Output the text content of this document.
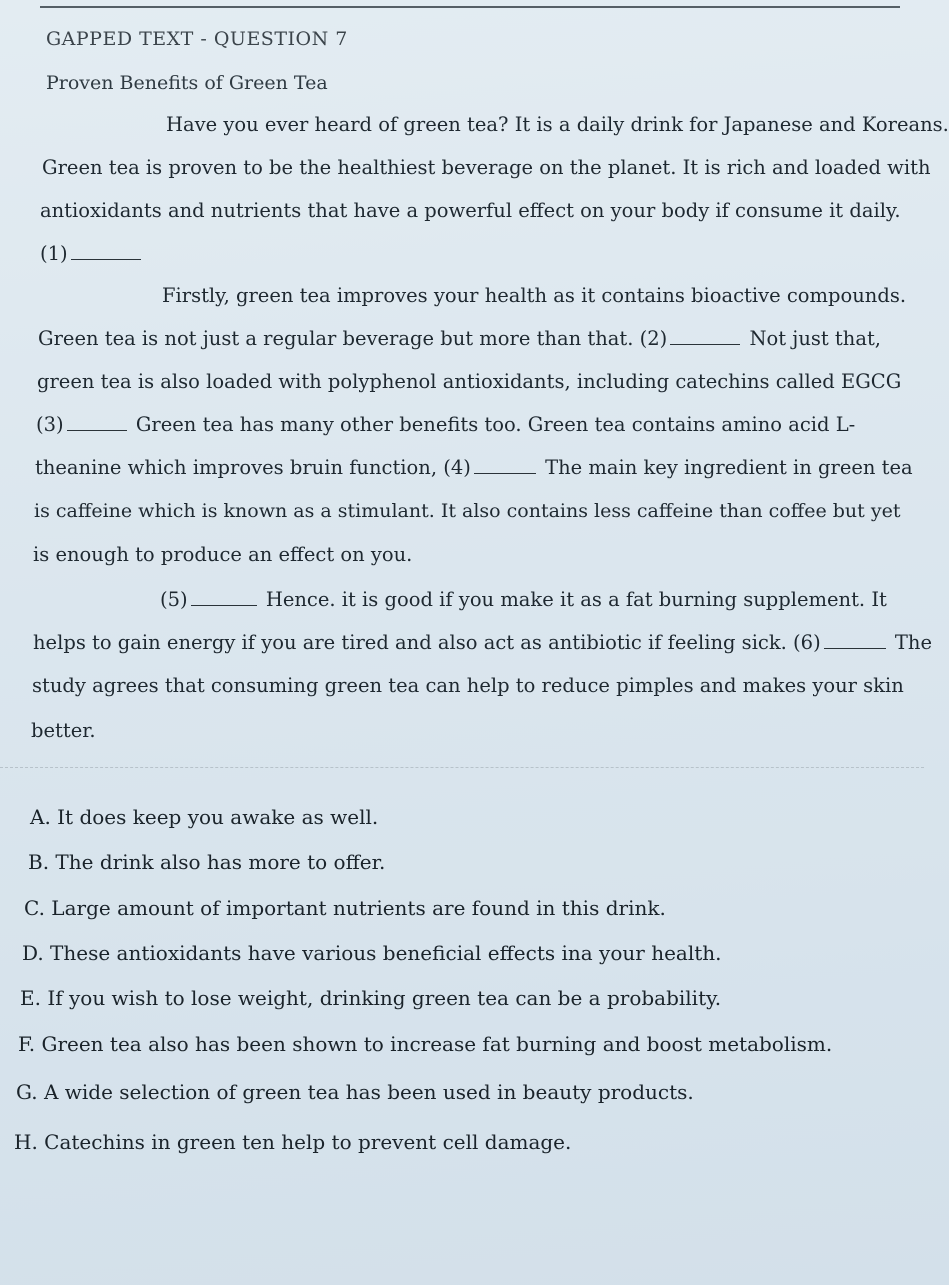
GAPPED TEXT - QUESTION 7
Proven Benefits of Green Tea
Have you ever heard of green tea? It is a daily drink for Japanese and Koreans.
Green tea is proven to be the healthiest beverage on the planet. It is rich and loaded with
antioxidants and nutrients that have a powerful effect on your body if consume it daily.
(1)
Firstly, green tea improves your health as it contains bioactive compounds.
Green tea is not just a regular beverage but more than that. (2)	Not just that,
green tea is also loaded with polyphenol antioxidants, including catechins called EGCG
(3)	Green tea has many other benefits too. Green tea contains amino acid L-
theanine which improves bruin function, (4)	The main key ingredient in green tea
is caffeine which is known as a stimulant. It also contains less caffeine than coffee but yet
is enough to produce an effect on you.
(5)	Hence. it is good if you make it as a fat burning supplement. It
helps to gain energy if you are tired and also act as antibiotic if feeling sick. (6)	The
study agrees that consuming green tea can help to reduce pimples and makes your skin
better.
A. It does keep you awake as well.
B. The drink also has more to offer.
C. Large amount of important nutrients are found in this drink.
D. These antioxidants have various beneficial effects ina your health.
E. If you wish to lose weight, drinking green tea can be a probability.
F. Green tea also has been shown to increase fat burning and boost metabolism.
G. A wide selection of green tea has been used in beauty products.
H. Catechins in green ten help to prevent cell damage.
